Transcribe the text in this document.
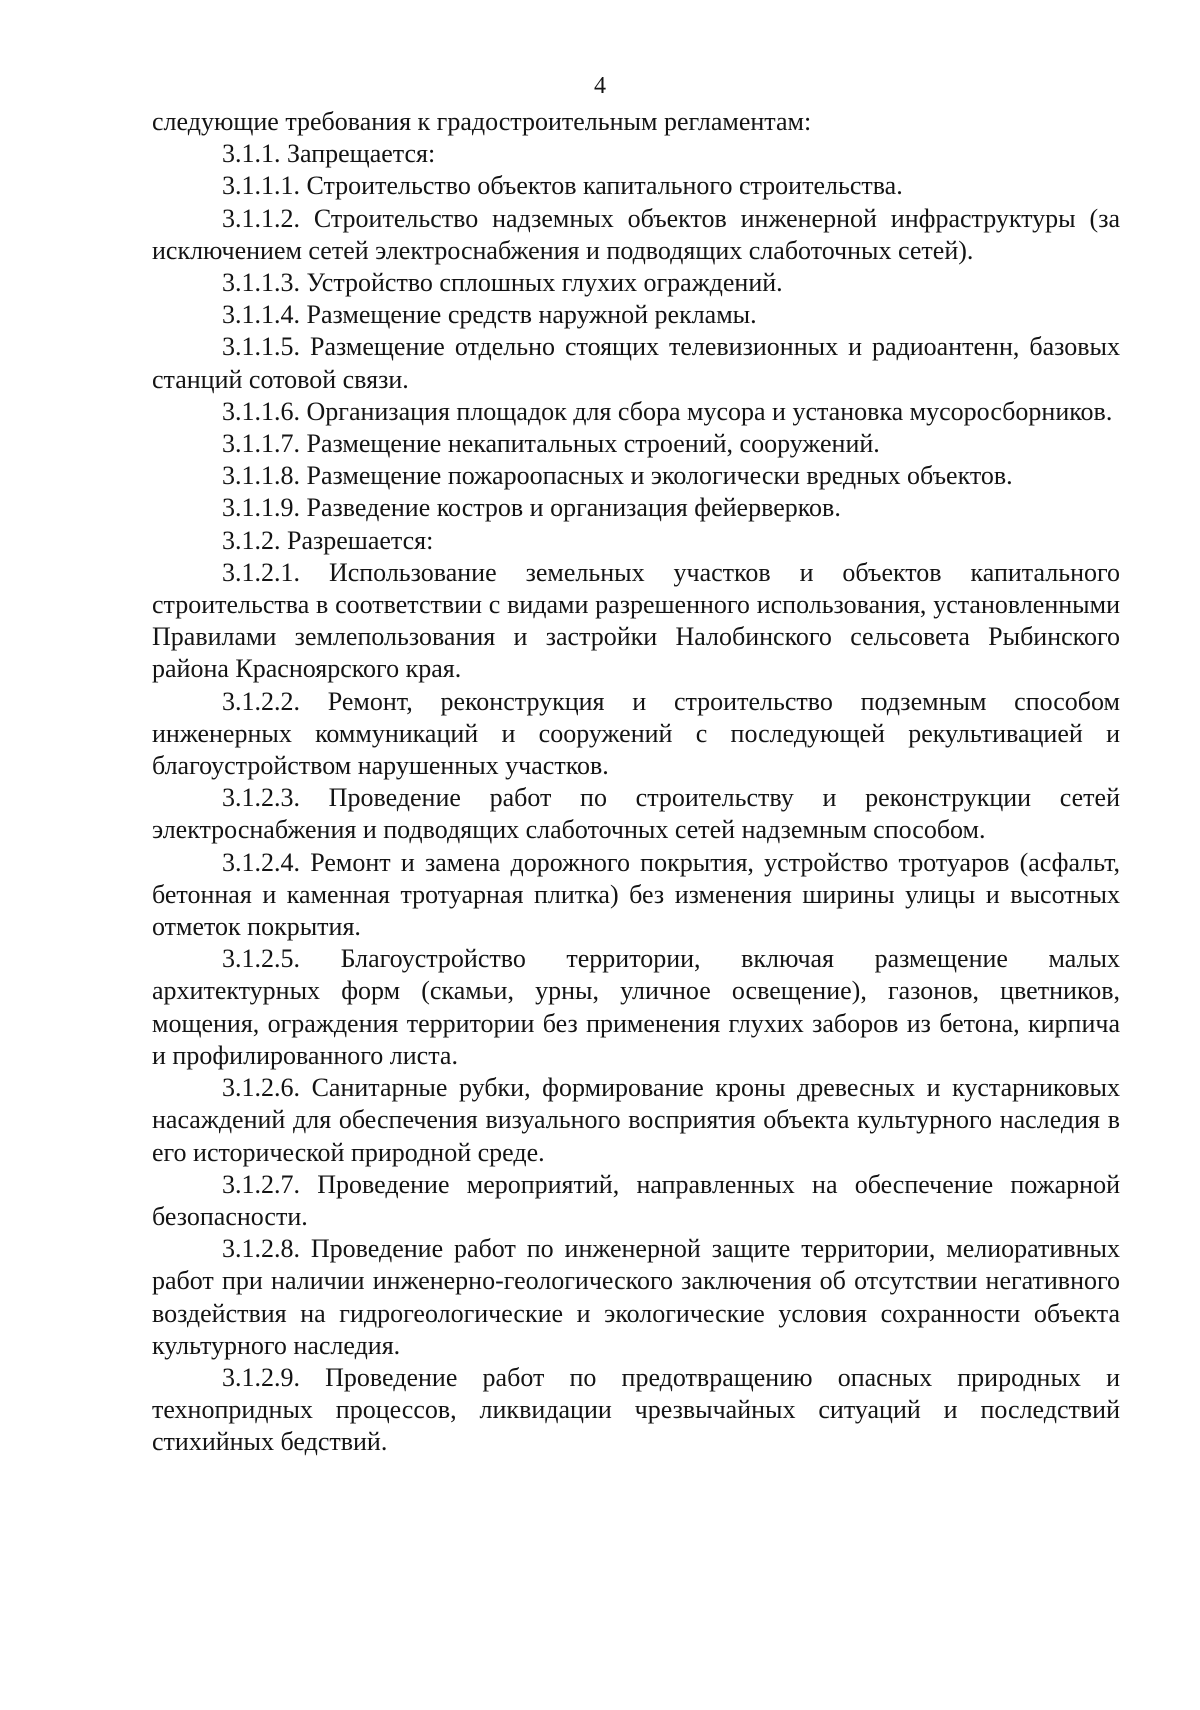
4

следующие требования к градостроительным регламентам:

3.1.1. Запрещается:

3.1.1.1. Строительство объектов капитального строительства.

3.1.1.2. Строительство надземных объектов инженерной инфраструктуры (за исключением сетей электроснабжения и подводящих слаботочных сетей).

3.1.1.3. Устройство сплошных глухих ограждений.

3.1.1.4. Размещение средств наружной рекламы.

3.1.1.5. Размещение отдельно стоящих телевизионных и радиоантенн, базовых станций сотовой связи.

3.1.1.6. Организация площадок для сбора мусора и установка мусоросборников.

3.1.1.7. Размещение некапитальных строений, сооружений.

3.1.1.8. Размещение пожароопасных и экологически вредных объектов.

3.1.1.9. Разведение костров и организация фейерверков.

3.1.2. Разрешается:

3.1.2.1. Использование земельных участков и объектов капитального строительства в соответствии с видами разрешенного использования, установленными Правилами землепользования и застройки Налобинского сельсовета Рыбинского района Красноярского края.

3.1.2.2. Ремонт, реконструкция и строительство подземным способом инженерных коммуникаций и сооружений с последующей рекультивацией и благоустройством нарушенных участков.

3.1.2.3. Проведение работ по строительству и реконструкции сетей электроснабжения и подводящих слаботочных сетей надземным способом.

3.1.2.4. Ремонт и замена дорожного покрытия, устройство тротуаров (асфальт, бетонная и каменная тротуарная плитка) без изменения ширины улицы и высотных отметок покрытия.

3.1.2.5. Благоустройство территории, включая размещение малых архитектурных форм (скамьи, урны, уличное освещение), газонов, цветников, мощения, ограждения территории без применения глухих заборов из бетона, кирпича и профилированного листа.

3.1.2.6. Санитарные рубки, формирование кроны древесных и кустарниковых насаждений для обеспечения визуального восприятия объекта культурного наследия в его исторической природной среде.

3.1.2.7. Проведение мероприятий, направленных на обеспечение пожарной безопасности.

3.1.2.8. Проведение работ по инженерной защите территории, мелиоративных работ при наличии инженерно-геологического заключения об отсутствии негативного воздействия на гидрогеологические и экологические условия сохранности объекта культурного наследия.

3.1.2.9. Проведение работ по предотвращению опасных природных и технопридных процессов, ликвидации чрезвычайных ситуаций и последствий стихийных бедствий.
